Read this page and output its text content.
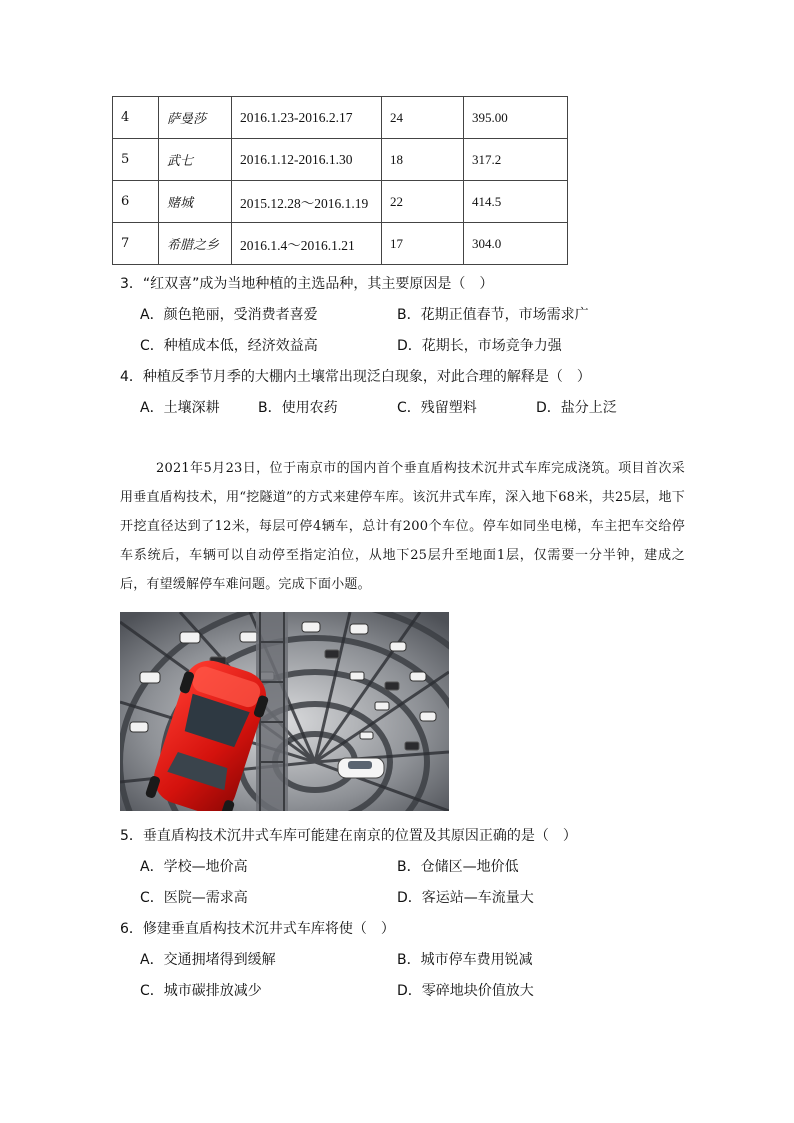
4	萨曼莎	2016.1.23-2016.2.17	24	395.00
5	武七	2016.1.12-2016.1.30	18	317.2
6	赌城	2015.12.28～2016.1.19	22	414.5
7	希腊之乡	2016.1.4～2016.1.21	17	304.0
3．“红双喜”成为当地种植的主选品种，其主要原因是（　）
A．颜色艳丽，受消费者喜爱	B．花期正值春节，市场需求广
C．种植成本低，经济效益高	D．花期长，市场竞争力强
4．种植反季节月季的大棚内土壤常出现泛白现象，对此合理的解释是（　）
A．土壤深耕	B．使用农药	C．残留塑料	D．盐分上泛
2021年5月23日，位于南京市的国内首个垂直盾构技术沉井式车库完成浇筑。项目首次采用垂直盾构技术，用“挖隧道”的方式来建停车库。该沉井式车库，深入地下68米，共25层，地下开挖直径达到了12米，每层可停4辆车，总计有200个车位。停车如同坐电梯，车主把车交给停车系统后，车辆可以自动停至指定泊位，从地下25层升至地面1层，仅需要一分半钟，建成之后，有望缓解停车难问题。完成下面小题。
5．垂直盾构技术沉井式车库可能建在南京的位置及其原因正确的是（　）
A．学校—地价高	B．仓储区—地价低
C．医院—需求高	D．客运站—车流量大
6．修建垂直盾构技术沉井式车库将使（　）
A．交通拥堵得到缓解	B．城市停车费用锐减
C．城市碳排放减少	D．零碎地块价值放大
